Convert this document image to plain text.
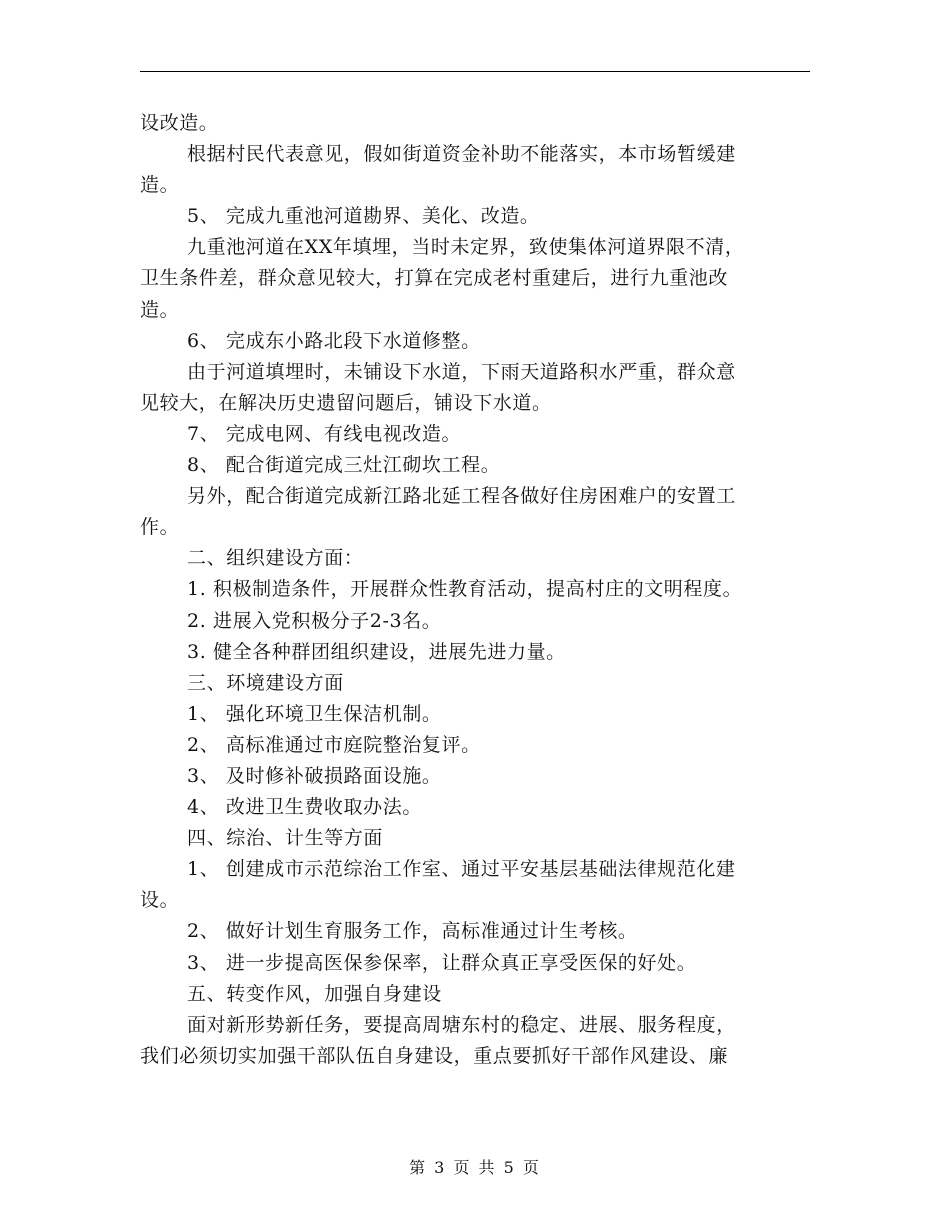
设改造。
根据村民代表意见，假如街道资金补助不能落实，本市场暂缓建
造。
5、 完成九重池河道勘界、美化、改造。
九重池河道在XX年填埋，当时未定界，致使集体河道界限不清，
卫生条件差，群众意见较大，打算在完成老村重建后，进行九重池改
造。
6、 完成东小路北段下水道修整。
由于河道填埋时，未铺设下水道，下雨天道路积水严重，群众意
见较大，在解决历史遗留问题后，铺设下水道。
7、 完成电网、有线电视改造。
8、 配合街道完成三灶江砌坎工程。
另外，配合街道完成新江路北延工程各做好住房困难户的安置工
作。
二、组织建设方面：
1. 积极制造条件，开展群众性教育活动，提高村庄的文明程度。
2. 进展入党积极分子2-3名。
3. 健全各种群团组织建设，进展先进力量。
三、环境建设方面
1、 强化环境卫生保洁机制。
2、 高标准通过市庭院整治复评。
3、 及时修补破损路面设施。
4、 改进卫生费收取办法。
四、综治、计生等方面
1、 创建成市示范综治工作室、通过平安基层基础法律规范化建
设。
2、 做好计划生育服务工作，高标准通过计生考核。
3、 进一步提高医保参保率，让群众真正享受医保的好处。
五、转变作风，加强自身建设
面对新形势新任务，要提高周塘东村的稳定、进展、服务程度，
我们必须切实加强干部队伍自身建设，重点要抓好干部作风建设、廉
第 3 页 共 5 页
